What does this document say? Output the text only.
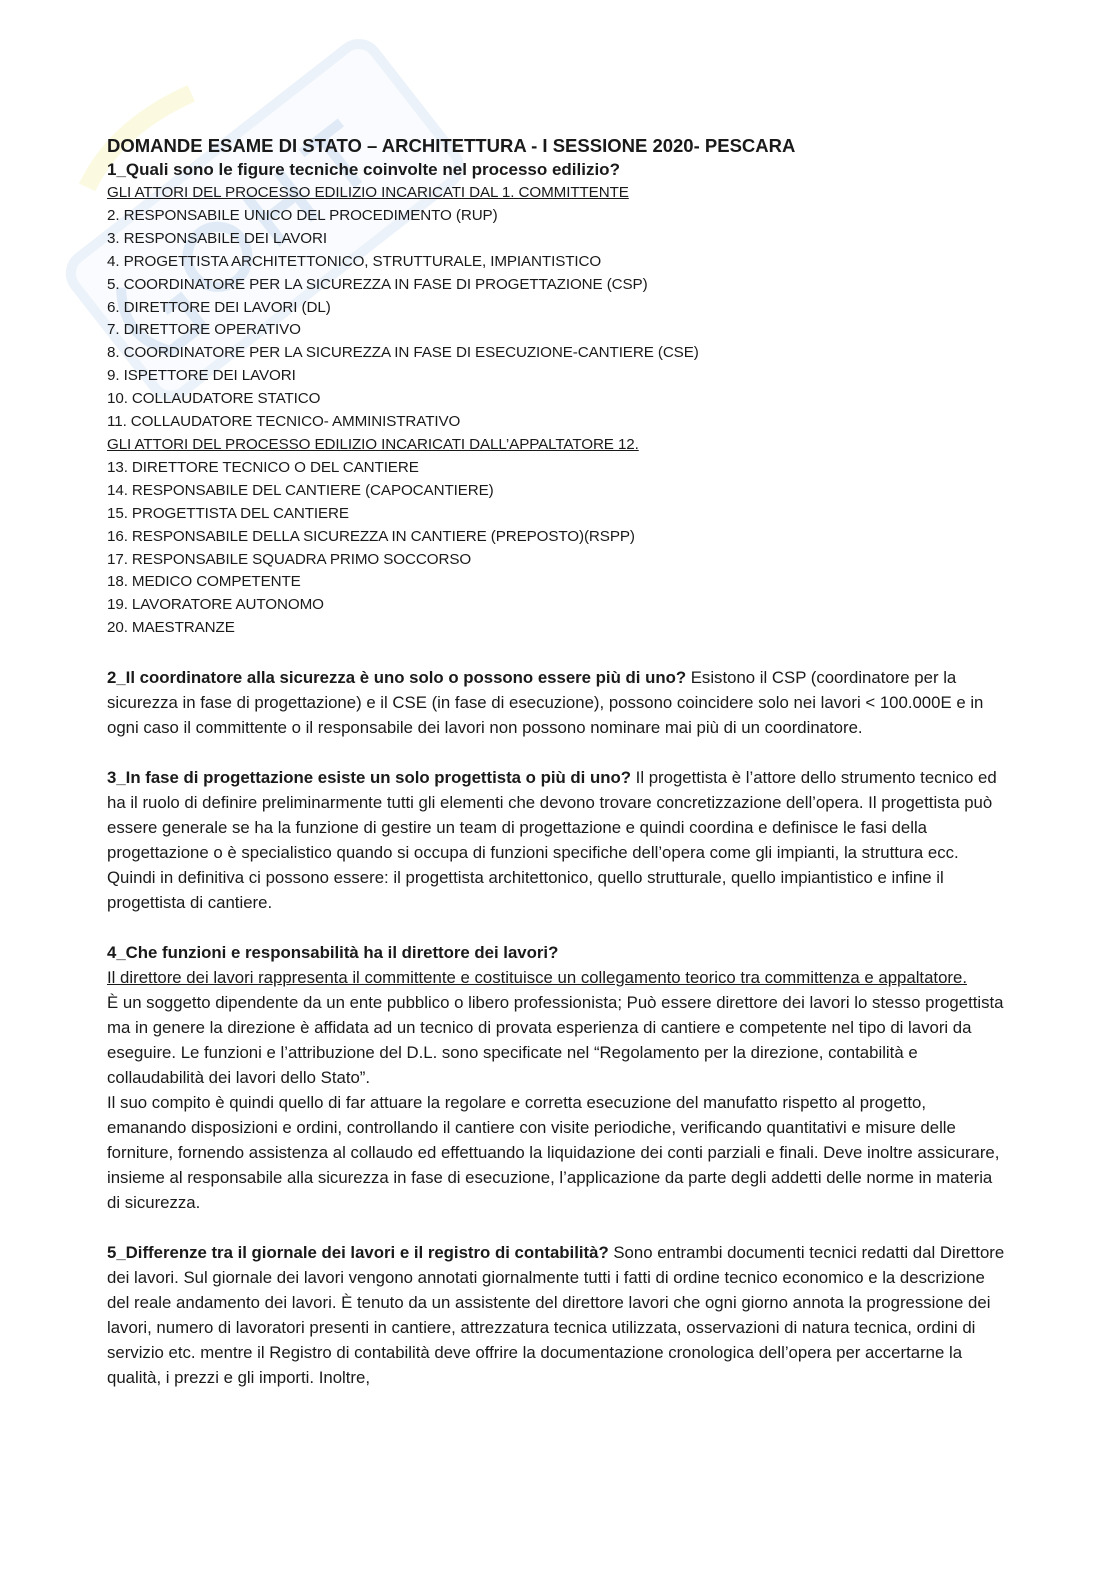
DOMANDE ESAME DI STATO – ARCHITETTURA - I SESSIONE 2020- PESCARA

1_Quali sono le figure tecniche coinvolte nel processo edilizio?

GLI ATTORI DEL PROCESSO EDILIZIO INCARICATI DAL 1. COMMITTENTE
2. RESPONSABILE UNICO DEL PROCEDIMENTO (RUP)
3. RESPONSABILE DEI LAVORI
4. PROGETTISTA ARCHITETTONICO, STRUTTURALE, IMPIANTISTICO
5. COORDINATORE PER LA SICUREZZA IN FASE DI PROGETTAZIONE (CSP)
6. DIRETTORE DEI LAVORI (DL)
7. DIRETTORE OPERATIVO
8. COORDINATORE PER LA SICUREZZA IN FASE DI ESECUZIONE-CANTIERE (CSE)
9. ISPETTORE DEI LAVORI
10. COLLAUDATORE STATICO
11. COLLAUDATORE TECNICO- AMMINISTRATIVO
GLI ATTORI DEL PROCESSO EDILIZIO INCARICATI DALL’APPALTATORE 12.
13. DIRETTORE TECNICO O DEL CANTIERE
14. RESPONSABILE DEL CANTIERE (CAPOCANTIERE)
15. PROGETTISTA DEL CANTIERE
16. RESPONSABILE DELLA SICUREZZA IN CANTIERE (PREPOSTO)(RSPP)
17. RESPONSABILE SQUADRA PRIMO SOCCORSO
18. MEDICO COMPETENTE
19. LAVORATORE AUTONOMO
20. MAESTRANZE

2_Il coordinatore alla sicurezza è uno solo o possono essere più di uno? Esistono il CSP (coordinatore per la sicurezza in fase di progettazione) e il CSE (in fase di esecuzione), possono coincidere solo nei lavori < 100.000E e in ogni caso il committente o il responsabile dei lavori non possono nominare mai più di un coordinatore.

3_In fase di progettazione esiste un solo progettista o più di uno? Il progettista è l’attore dello strumento tecnico ed ha il ruolo di definire preliminarmente tutti gli elementi che devono trovare concretizzazione dell’opera. Il progettista può essere generale se ha la funzione di gestire un team di progettazione e quindi coordina e definisce le fasi della progettazione o è specialistico quando si occupa di funzioni specifiche dell’opera come gli impianti, la struttura ecc. Quindi in definitiva ci possono essere: il progettista architettonico, quello strutturale, quello impiantistico e infine il progettista di cantiere.

4_Che funzioni e responsabilità ha il direttore dei lavori?

Il direttore dei lavori rappresenta il committente e costituisce un collegamento teorico tra committenza e appaltatore.

È un soggetto dipendente da un ente pubblico o libero professionista; Può essere direttore dei lavori lo stesso progettista ma in genere la direzione è affidata ad un tecnico di provata esperienza di cantiere e competente nel tipo di lavori da eseguire. Le funzioni e l’attribuzione del D.L. sono specificate nel “Regolamento per la direzione, contabilità e collaudabilità dei lavori dello Stato”.

Il suo compito è quindi quello di far attuare la regolare e corretta esecuzione del manufatto rispetto al progetto, emanando disposizioni e ordini, controllando il cantiere con visite periodiche, verificando quantitativi e misure delle forniture, fornendo assistenza al collaudo ed effettuando la liquidazione dei conti parziali e finali. Deve inoltre assicurare, insieme al responsabile alla sicurezza in fase di esecuzione, l’applicazione da parte degli addetti delle norme in materia di sicurezza.

5_Differenze tra il giornale dei lavori e il registro di contabilità? Sono entrambi documenti tecnici redatti dal Direttore dei lavori. Sul giornale dei lavori vengono annotati giornalmente tutti i fatti di ordine tecnico economico e la descrizione del reale andamento dei lavori. È tenuto da un assistente del direttore lavori che ogni giorno annota la progressione dei lavori, numero di lavoratori presenti in cantiere, attrezzatura tecnica utilizzata, osservazioni di natura tecnica, ordini di servizio etc. mentre il Registro di contabilità deve offrire la documentazione cronologica dell’opera per accertarne la qualità, i prezzi e gli importi. Inoltre,
